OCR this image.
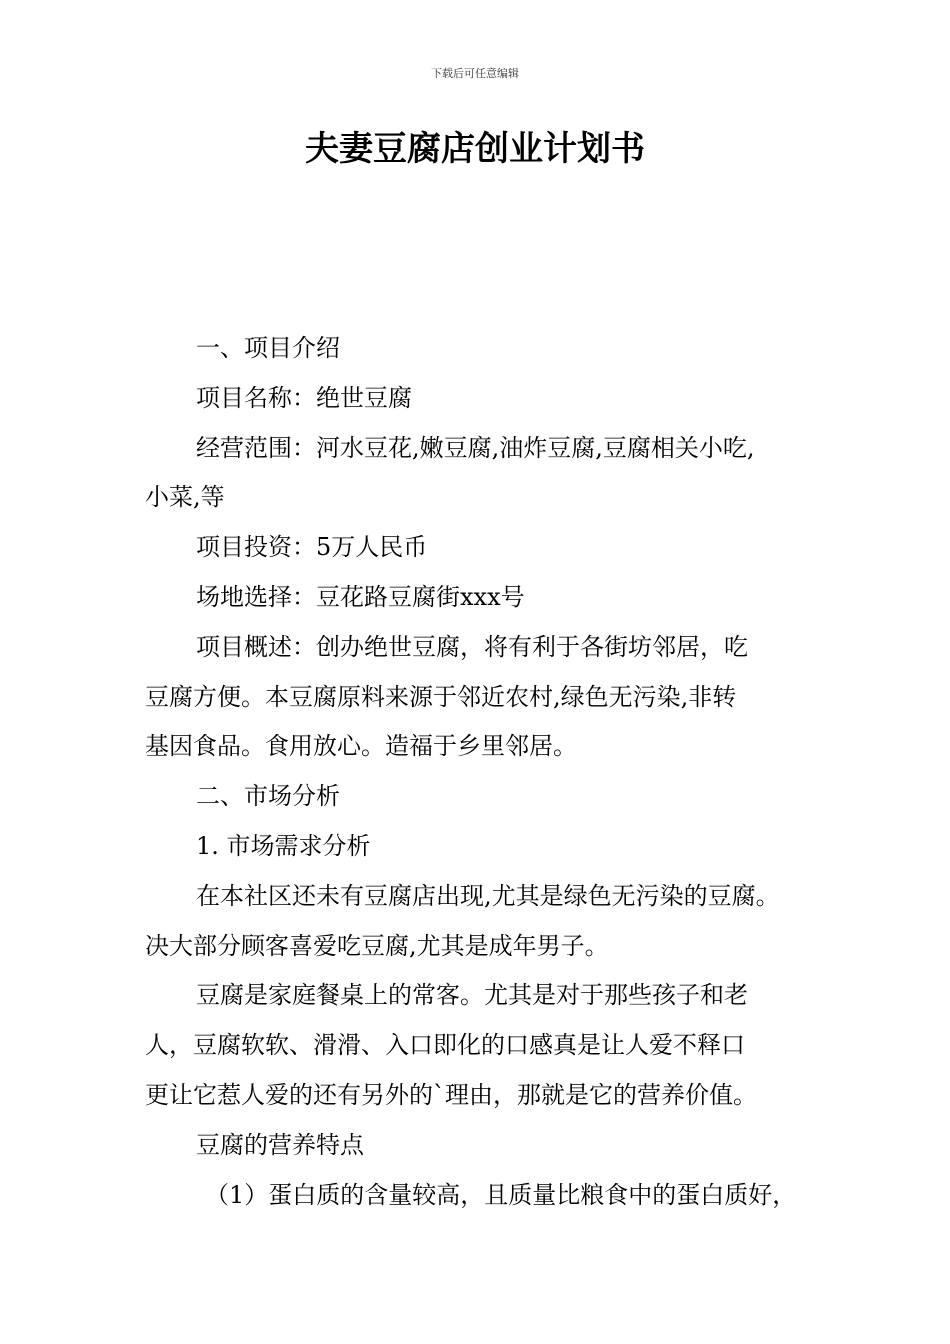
下载后可任意编辑
夫妻豆腐店创业计划书

一、项目介绍

项目名称：绝世豆腐

经营范围：河水豆花,嫩豆腐,油炸豆腐,豆腐相关小吃,

小菜,等

项目投资：5万人民币

场地选择：豆花路豆腐街xxx号

项目概述：创办绝世豆腐，将有利于各街坊邻居，吃

豆腐方便。本豆腐原料来源于邻近农村,绿色无污染,非转

基因食品。食用放心。造福于乡里邻居。

二、市场分析

1. 市场需求分析

在本社区还未有豆腐店出现,尤其是绿色无污染的豆腐。

决大部分顾客喜爱吃豆腐,尤其是成年男子。

豆腐是家庭餐桌上的常客。尤其是对于那些孩子和老

人，豆腐软软、滑滑、入口即化的口感真是让人爱不释口

更让它惹人爱的还有另外的`理由，那就是它的营养价值。

豆腐的营养特点

（1）蛋白质的含量较高，且质量比粮食中的蛋白质好，
